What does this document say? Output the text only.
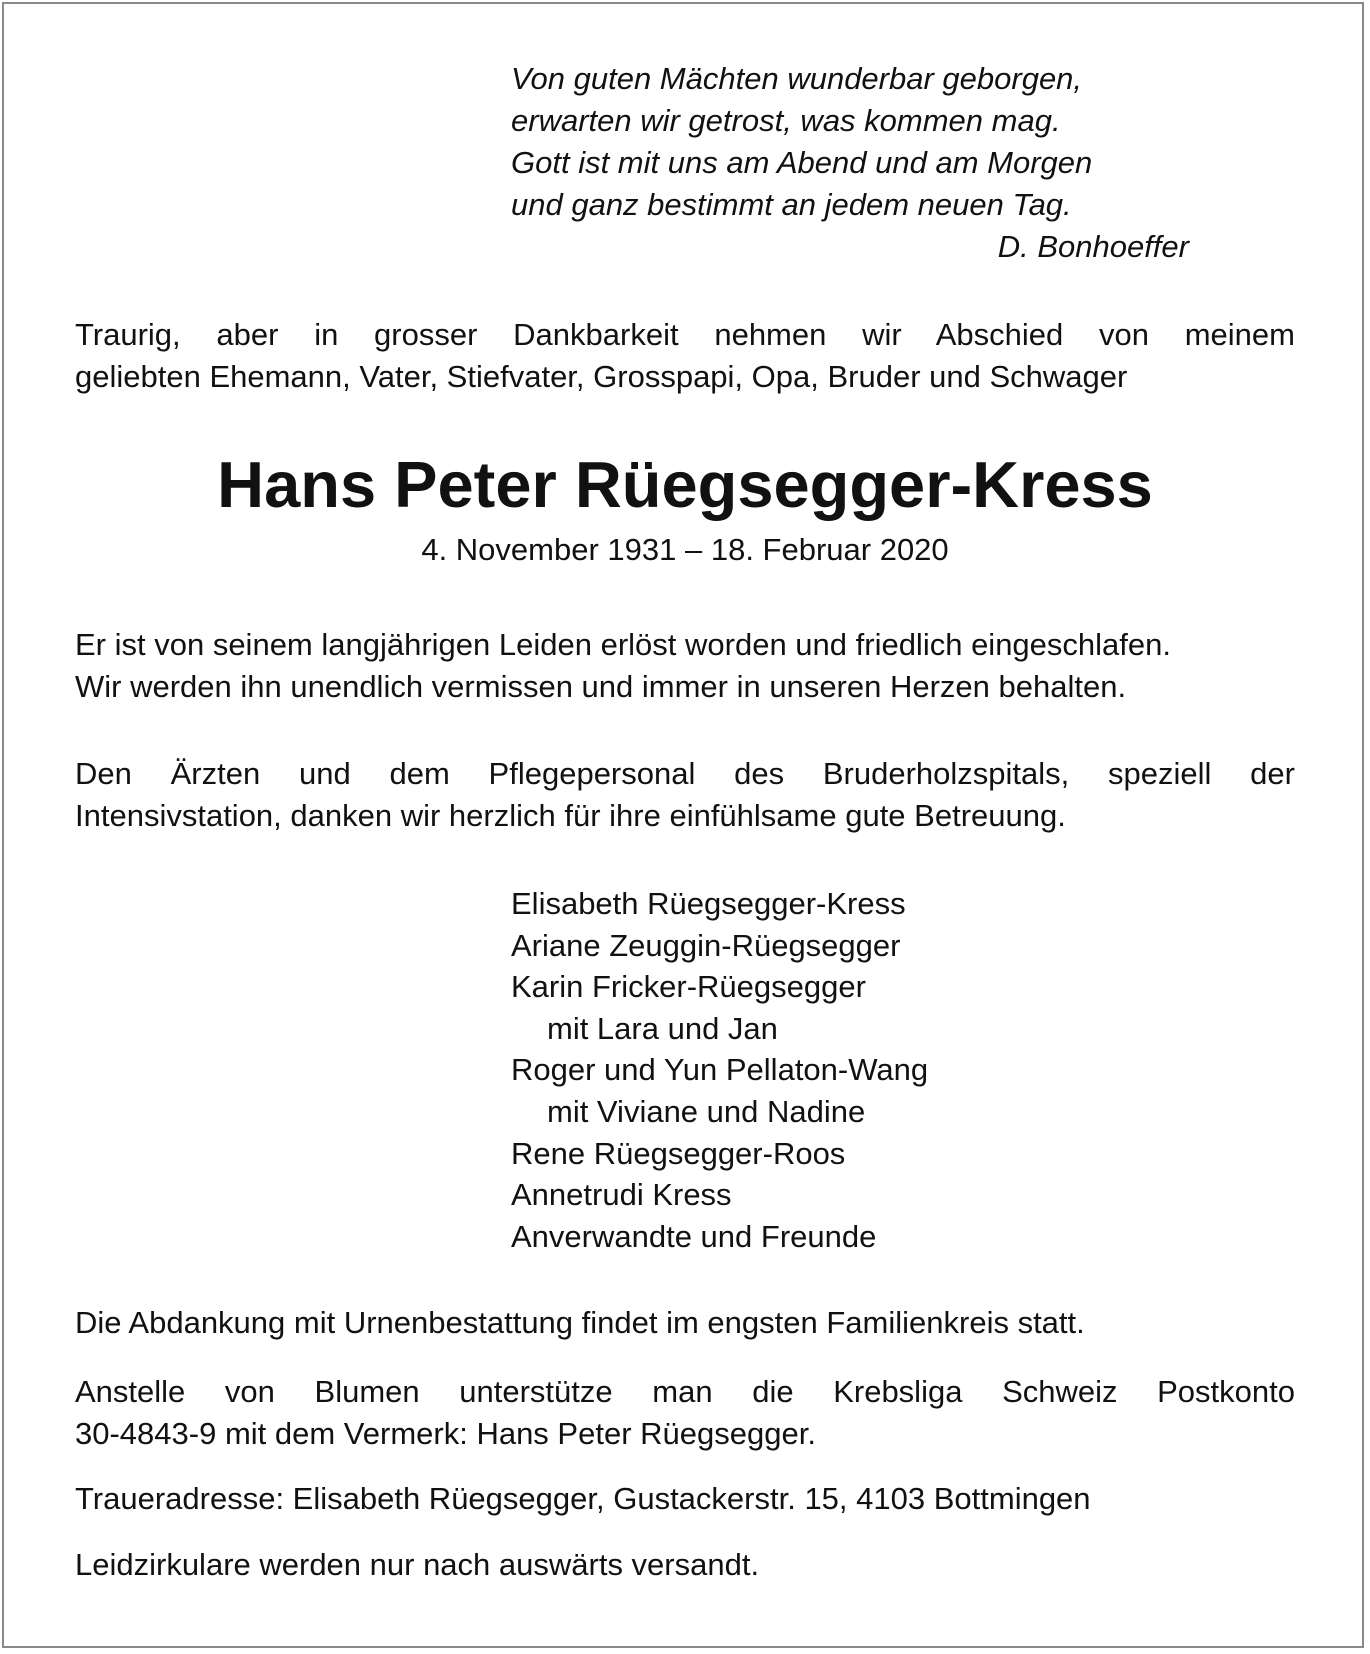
Von guten Mächten wunderbar geborgen,
erwarten wir getrost, was kommen mag.
Gott ist mit uns am Abend und am Morgen
und ganz bestimmt an jedem neuen Tag.
D. Bonhoeffer
Traurig, aber in grosser Dankbarkeit nehmen wir Abschied von meinem
geliebten Ehemann, Vater, Stiefvater, Grosspapi, Opa, Bruder und Schwager
Hans Peter Rüegsegger-Kress
4. November 1931 – 18. Februar 2020
Er ist von seinem langjährigen Leiden erlöst worden und friedlich eingeschlafen.
Wir werden ihn unendlich vermissen und immer in unseren Herzen behalten.
Den Ärzten und dem Pflegepersonal des Bruderholzspitals, speziell der
Intensivstation, danken wir herzlich für ihre einfühlsame gute Betreuung.
Elisabeth Rüegsegger-Kress
Ariane Zeuggin-Rüegsegger
Karin Fricker-Rüegsegger
mit Lara und Jan
Roger und Yun Pellaton-Wang
mit Viviane und Nadine
Rene Rüegsegger-Roos
Annetrudi Kress
Anverwandte und Freunde
Die Abdankung mit Urnenbestattung findet im engsten Familienkreis statt.
Anstelle von Blumen unterstütze man die Krebsliga Schweiz Postkonto
30-4843-9 mit dem Vermerk: Hans Peter Rüegsegger.
Traueradresse: Elisabeth Rüegsegger, Gustackerstr. 15, 4103 Bottmingen
Leidzirkulare werden nur nach auswärts versandt.
